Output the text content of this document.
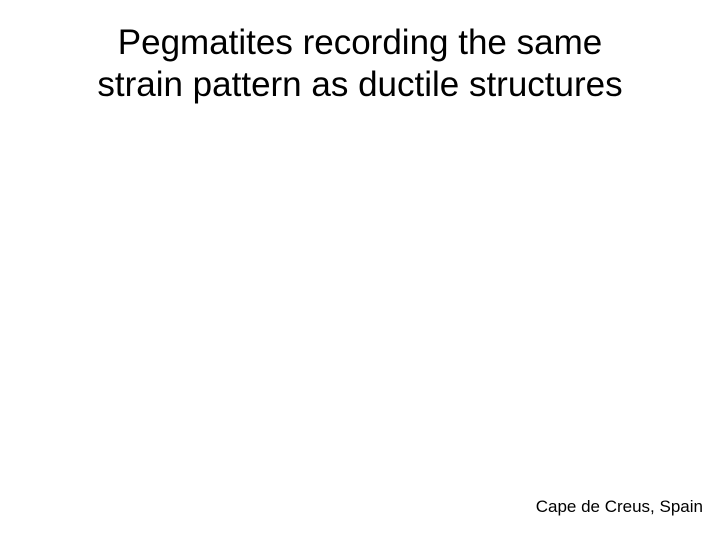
Pegmatites recording the same
strain pattern as ductile structures
Cape de Creus, Spain
